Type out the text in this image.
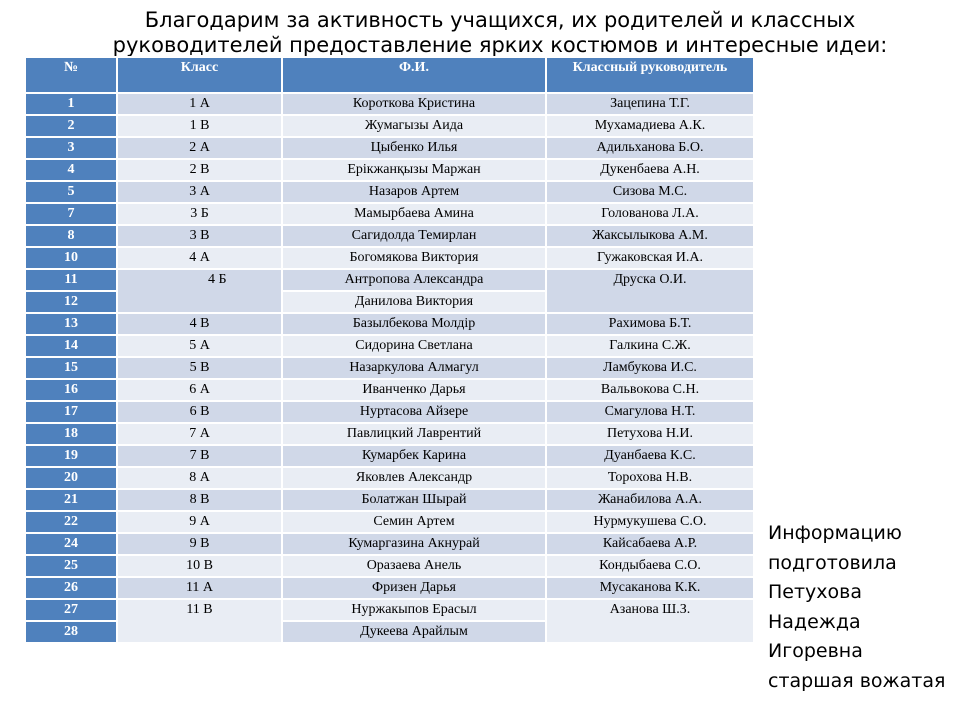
Благодарим за активность учащихся, их родителей и классных
руководителей предоставление ярких костюмов и интересные идеи:
№	Класс	Ф.И.	Классный руководитель
1	1 А	Короткова Кристина	Зацепина Т.Г.
2	1 В	Жумагызы Аида	Мухамадиева А.К.
3	2 А	Цыбенко Илья	Адильханова Б.О.
4	2 В	Ерікжанқызы Маржан	Дукенбаева А.Н.
5	3 А	Назаров Артем	Сизова М.С.
7	3 Б	Мамырбаева Амина	Голованова Л.А.
8	3 В	Сагидолда Темирлан	Жаксылыкова А.М.
10	4 А	Богомякова Виктория	Гужаковская И.А.
11	4 Б	Антропова Александра	Друска О.И.
12		Данилова Виктория	
13	4 В	Базылбекова Молдір	Рахимова Б.Т.
14	5 А	Сидорина Светлана	Галкина С.Ж.
15	5 В	Назаркулова Алмагул	Ламбукова И.С.
16	6 А	Иванченко Дарья	Вальвокова С.Н.
17	6 В	Нуртасова Айзере	Смагулова Н.Т.
18	7 А	Павлицкий Лаврентий	Петухова Н.И.
19	7 В	Кумарбек Карина	Дуанбаева К.С.
20	8 А	Яковлев Александр	Торохова Н.В.
21	8 В	Болатжан Шырай	Жанабилова А.А.
22	9 А	Семин Артем	Нурмукушева С.О.
24	9 В	Кумаргазина Акнурай	Кайсабаева А.Р.
25	10 В	Оразаева Анель	Кондыбаева С.О.
26	11 А	Фризен Дарья	Мусаканова К.К.
27	11 В	Нуржакыпов Ерасыл	Азанова Ш.З.
28		Дукеева Арайлым	
Информацию
подготовила
Петухова
Надежда
Игоревна
старшая вожатая
